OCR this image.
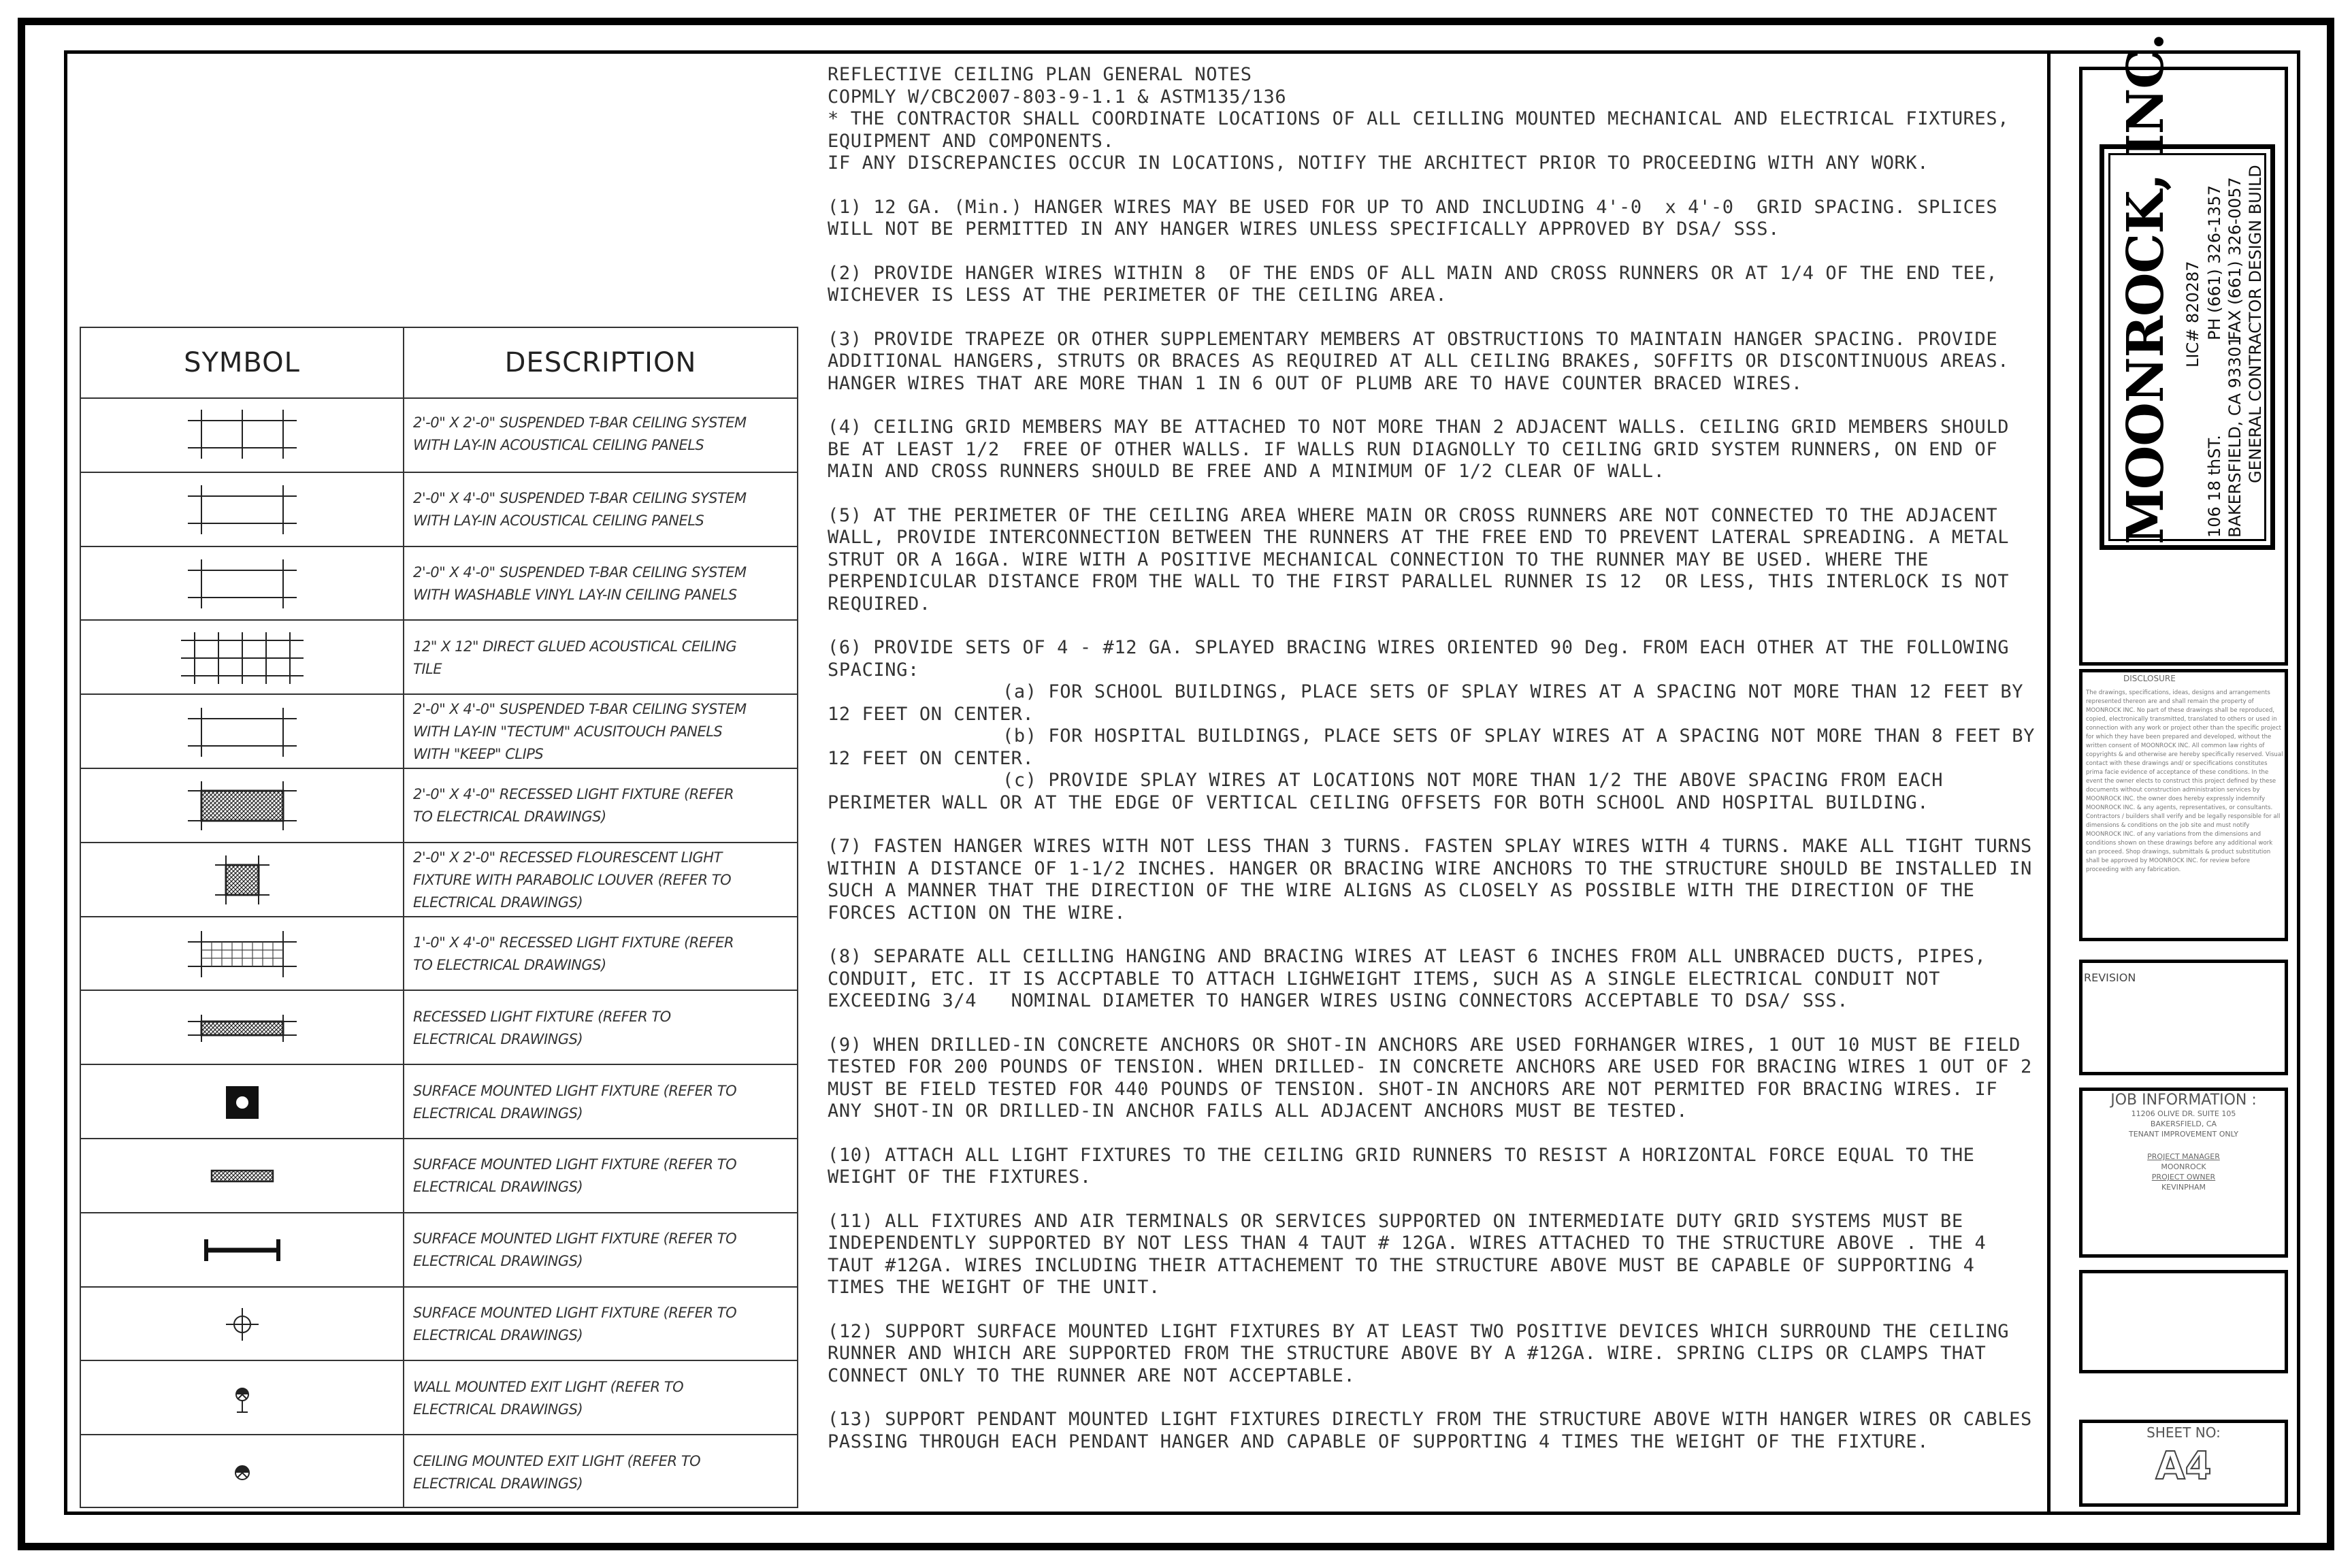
SYMBOL	DESCRIPTION
2'-0" X 2'-0" SUSPENDED T-BAR CEILING SYSTEM WITH LAY-IN ACOUSTICAL CEILING PANELS
2'-0" X 4'-0" SUSPENDED T-BAR CEILING SYSTEM WITH LAY-IN ACOUSTICAL CEILING PANELS
2'-0" X 4'-0" SUSPENDED T-BAR CEILING SYSTEM WITH WASHABLE VINYL LAY-IN CEILING PANELS
12" X 12" DIRECT GLUED ACOUSTICAL CEILING TILE
2'-0" X 4'-0" SUSPENDED T-BAR CEILING SYSTEM WITH LAY-IN "TECTUM" ACUSITOUCH PANELS WITH "KEEP" CLIPS
2'-0" X 4'-0" RECESSED LIGHT FIXTURE (REFER TO ELECTRICAL DRAWINGS)
2'-0" X 2'-0" RECESSED FLOURESCENT LIGHT FIXTURE WITH PARABOLIC LOUVER (REFER TO ELECTRICAL DRAWINGS)
1'-0" X 4'-0" RECESSED LIGHT FIXTURE (REFER TO ELECTRICAL DRAWINGS)
RECESSED LIGHT FIXTURE (REFER TO ELECTRICAL DRAWINGS)
SURFACE MOUNTED LIGHT FIXTURE (REFER TO ELECTRICAL DRAWINGS)
SURFACE MOUNTED LIGHT FIXTURE (REFER TO ELECTRICAL DRAWINGS)
SURFACE MOUNTED LIGHT FIXTURE (REFER TO ELECTRICAL DRAWINGS)
SURFACE MOUNTED LIGHT FIXTURE (REFER TO ELECTRICAL DRAWINGS)
WALL MOUNTED EXIT LIGHT (REFER TO ELECTRICAL DRAWINGS)
CEILING MOUNTED EXIT LIGHT (REFER TO ELECTRICAL DRAWINGS)

REFLECTIVE CEILING PLAN GENERAL NOTES

COPMLY W/CBC2007-803-9-1.1 & ASTM135/136

* THE CONTRACTOR SHALL COORDINATE LOCATIONS OF ALL CEILLING MOUNTED MECHANICAL AND ELECTRICAL FIXTURES, EQUIPMENT AND COMPONENTS.

IF ANY DISCREPANCIES OCCUR IN LOCATIONS, NOTIFY THE ARCHITECT PRIOR TO PROCEEDING WITH ANY WORK.

(1) 12 GA. (Min.) HANGER WIRES MAY BE USED FOR UP TO AND INCLUDING 4'-0  x 4'-0  GRID SPACING. SPLICES WILL NOT BE PERMITTED IN ANY HANGER WIRES UNLESS SPECIFICALLY APPROVED BY DSA/ SSS.

(2) PROVIDE HANGER WIRES WITHIN 8  OF THE ENDS OF ALL MAIN AND CROSS RUNNERS OR AT 1/4 OF THE END TEE, WICHEVER IS LESS AT THE PERIMETER OF THE CEILING AREA.

(3) PROVIDE TRAPEZE OR OTHER SUPPLEMENTARY MEMBERS AT OBSTRUCTIONS TO MAINTAIN HANGER SPACING. PROVIDE ADDITIONAL HANGERS, STRUTS OR BRACES AS REQUIRED AT ALL CEILING BRAKES, SOFFITS OR DISCONTINUOUS AREAS. HANGER WIRES THAT ARE MORE THAN 1 IN 6 OUT OF PLUMB ARE TO HAVE COUNTER BRACED WIRES.

(4) CEILING GRID MEMBERS MAY BE ATTACHED TO NOT MORE THAN 2 ADJACENT WALLS. CEILING GRID MEMBERS SHOULD BE AT LEAST 1/2  FREE OF OTHER WALLS. IF WALLS RUN DIAGNOLLY TO CEILING GRID SYSTEM RUNNERS, ON END OF MAIN AND CROSS RUNNERS SHOULD BE FREE AND A MINIMUM OF 1/2 CLEAR OF WALL.

(5) AT THE PERIMETER OF THE CEILING AREA WHERE MAIN OR CROSS RUNNERS ARE NOT CONNECTED TO THE ADJACENT WALL, PROVIDE INTERCONNECTION BETWEEN THE RUNNERS AT THE FREE END TO PREVENT LATERAL SPREADING. A METAL STRUT OR A 16GA. WIRE WITH A POSITIVE MECHANICAL CONNECTION TO THE RUNNER MAY BE USED. WHERE THE PERPENDICULAR DISTANCE FROM THE WALL TO THE FIRST PARALLEL RUNNER IS 12  OR LESS, THIS INTERLOCK IS NOT REQUIRED.

(6) PROVIDE SETS OF 4 - #12 GA. SPLAYED BRACING WIRES ORIENTED 90 Deg. FROM EACH OTHER AT THE FOLLOWING SPACING:

(a) FOR SCHOOL BUILDINGS, PLACE SETS OF SPLAY WIRES AT A SPACING NOT MORE THAN 12 FEET BY 12 FEET ON CENTER.

(b) FOR HOSPITAL BUILDINGS, PLACE SETS OF SPLAY WIRES AT A SPACING NOT MORE THAN 8 FEET BY 12 FEET ON CENTER.

(c) PROVIDE SPLAY WIRES AT LOCATIONS NOT MORE THAN 1/2 THE ABOVE SPACING FROM EACH PERIMETER WALL OR AT THE EDGE OF VERTICAL CEILING OFFSETS FOR BOTH SCHOOL AND HOSPITAL BUILDING.

(7) FASTEN HANGER WIRES WITH NOT LESS THAN 3 TURNS. FASTEN SPLAY WIRES WITH 4 TURNS. MAKE ALL TIGHT TURNS WITHIN A DISTANCE OF 1-1/2 INCHES. HANGER OR BRACING WIRE ANCHORS TO THE STRUCTURE SHOULD BE INSTALLED IN SUCH A MANNER THAT THE DIRECTION OF THE WIRE ALIGNS AS CLOSELY AS POSSIBLE WITH THE DIRECTION OF THE FORCES ACTION ON THE WIRE.

(8) SEPARATE ALL CEILLING HANGING AND BRACING WIRES AT LEAST 6 INCHES FROM ALL UNBRACED DUCTS, PIPES, CONDUIT, ETC. IT IS ACCPTABLE TO ATTACH LIGHWEIGHT ITEMS, SUCH AS A SINGLE ELECTRICAL CONDUIT NOT EXCEEDING 3/4   NOMINAL DIAMETER TO HANGER WIRES USING CONNECTORS ACCEPTABLE TO DSA/ SSS.

(9) WHEN DRILLED-IN CONCRETE ANCHORS OR SHOT-IN ANCHORS ARE USED FORHANGER WIRES, 1 OUT 10 MUST BE FIELD TESTED FOR 200 POUNDS OF TENSION. WHEN DRILLED- IN CONCRETE ANCHORS ARE USED FOR BRACING WIRES 1 OUT OF 2 MUST BE FIELD TESTED FOR 440 POUNDS OF TENSION. SHOT-IN ANCHORS ARE NOT PERMITED FOR BRACING WIRES. IF ANY SHOT-IN OR DRILLED-IN ANCHOR FAILS ALL ADJACENT ANCHORS MUST BE TESTED.

(10) ATTACH ALL LIGHT FIXTURES TO THE CEILING GRID RUNNERS TO RESIST A HORIZONTAL FORCE EQUAL TO THE WEIGHT OF THE FIXTURES.

(11) ALL FIXTURES AND AIR TERMINALS OR SERVICES SUPPORTED ON INTERMEDIATE DUTY GRID SYSTEMS MUST BE INDEPENDENTLY SUPPORTED BY NOT LESS THAN 4 TAUT # 12GA. WIRES ATTACHED TO THE STRUCTURE ABOVE . THE 4 TAUT #12GA. WIRES INCLUDING THEIR ATTACHEMENT TO THE STRUCTURE ABOVE MUST BE CAPABLE OF SUPPORTING 4 TIMES THE WEIGHT OF THE UNIT.

(12) SUPPORT SURFACE MOUNTED LIGHT FIXTURES BY AT LEAST TWO POSITIVE DEVICES WHICH SURROUND THE CEILING RUNNER AND WHICH ARE SUPPORTED FROM THE STRUCTURE ABOVE BY A #12GA. WIRE. SPRING CLIPS OR CLAMPS THAT CONNECT ONLY TO THE RUNNER ARE NOT ACCEPTABLE.

(13) SUPPORT PENDANT MOUNTED LIGHT FIXTURES DIRECTLY FROM THE STRUCTURE ABOVE WITH HANGER WIRES OR CABLES PASSING THROUGH EACH PENDANT HANGER AND CAPABLE OF SUPPORTING 4 TIMES THE WEIGHT OF THE FIXTURE.

MOONROCK, INC. 106 18 thST.
LIC# 820287
BAKERSFIELD, CA 93301
PH (661) 326-1357 FAX (661) 326-0057 GENERAL CONTRACTOR DESIGN BUILD
DISCLOSURE
The drawings, specifications, ideas, designs and arrangements represented thereon are and shall remain the property of MOONROCK INC. No part of these drawings shall be reproduced, copied, electronically transmitted, translated to others or used in connection with any work or project other than the specific project for which they have been prepared and developed, without the written consent of MOONROCK INC. All common law rights of copyrights & and otherwise are hereby specifically reserved. Visual contact with these drawings and/ or specifications constitutes prima facie evidence of acceptance of these conditions. In the event the owner elects to construct this project defined by these documents without construction administration services by MOONROCK INC. the owner does hereby expressly indemnify MOONROCK INC. & any agents, representatives, or consultants. Contractors / builders shall verify and be legally responsible for all dimensions & conditions on the job site and must notify MOONROCK INC. of any variations from the dimensions and conditions shown on these drawings before any additional work can proceed. Shop drawings, submittals & product substitution shall be approved by MOONROCK INC. for review before proceeding with any fabrication.
REVISION
JOB INFORMATION :
11206 OLIVE DR. SUITE 105
BAKERSFIELD, CA
TENANT IMPROVEMENT ONLY
PROJECT MANAGER
MOONROCK
PROJECT OWNER
KEVINPHAM
SHEET NO:
A4
